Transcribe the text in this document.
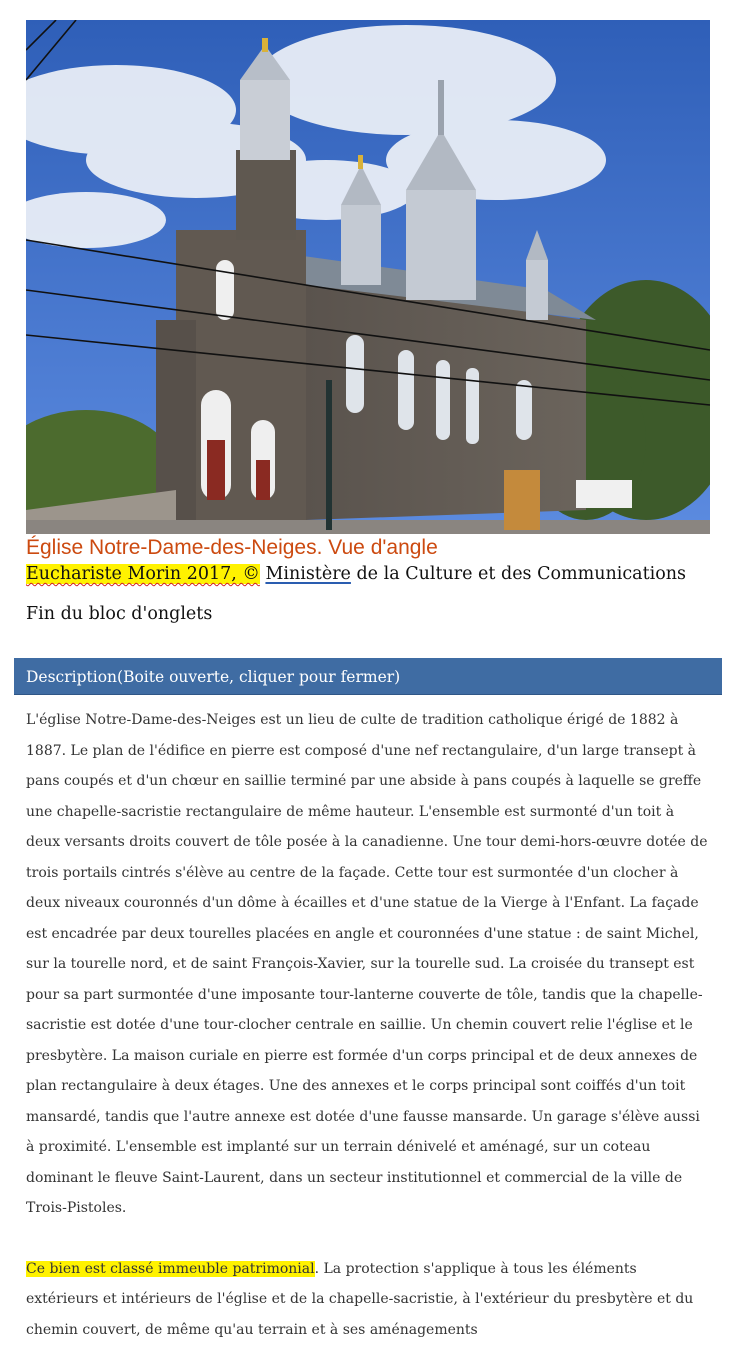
Église Notre-Dame-des-Neiges. Vue d'angle
Euchariste Morin 2017, © Ministère de la Culture et des Communications
Fin du bloc d'onglets
Description(Boite ouverte, cliquer pour fermer)

L'église Notre-Dame-des-Neiges est un lieu de culte de tradition catholique érigé de 1882 à 1887. Le plan de l'édifice en pierre est composé d'une nef rectangulaire, d'un large transept à pans coupés et d'un chœur en saillie terminé par une abside à pans coupés à laquelle se greffe une chapelle-sacristie rectangulaire de même hauteur. L'ensemble est surmonté d'un toit à deux versants droits couvert de tôle posée à la canadienne. Une tour demi-hors-œuvre dotée de trois portails cintrés s'élève au centre de la façade. Cette tour est surmontée d'un clocher à deux niveaux couronnés d'un dôme à écailles et d'une statue de la Vierge à l'Enfant. La façade est encadrée par deux tourelles placées en angle et couronnées d'une statue : de saint Michel, sur la tourelle nord, et de saint François-Xavier, sur la tourelle sud. La croisée du transept est pour sa part surmontée d'une imposante tour-lanterne couverte de tôle, tandis que la chapelle-sacristie est dotée d'une tour-clocher centrale en saillie. Un chemin couvert relie l'église et le presbytère. La maison curiale en pierre est formée d'un corps principal et de deux annexes de plan rectangulaire à deux étages. Une des annexes et le corps principal sont coiffés d'un toit mansardé, tandis que l'autre annexe est dotée d'une fausse mansarde. Un garage s'élève aussi à proximité. L'ensemble est implanté sur un terrain dénivelé et aménagé, sur un coteau dominant le fleuve Saint-Laurent, dans un secteur institutionnel et commercial de la ville de Trois-Pistoles.

Ce bien est classé immeuble patrimonial. La protection s'applique à tous les éléments extérieurs et intérieurs de l'église et de la chapelle-sacristie, à l'extérieur du presbytère et du chemin couvert, de même qu'au terrain et à ses aménagements
